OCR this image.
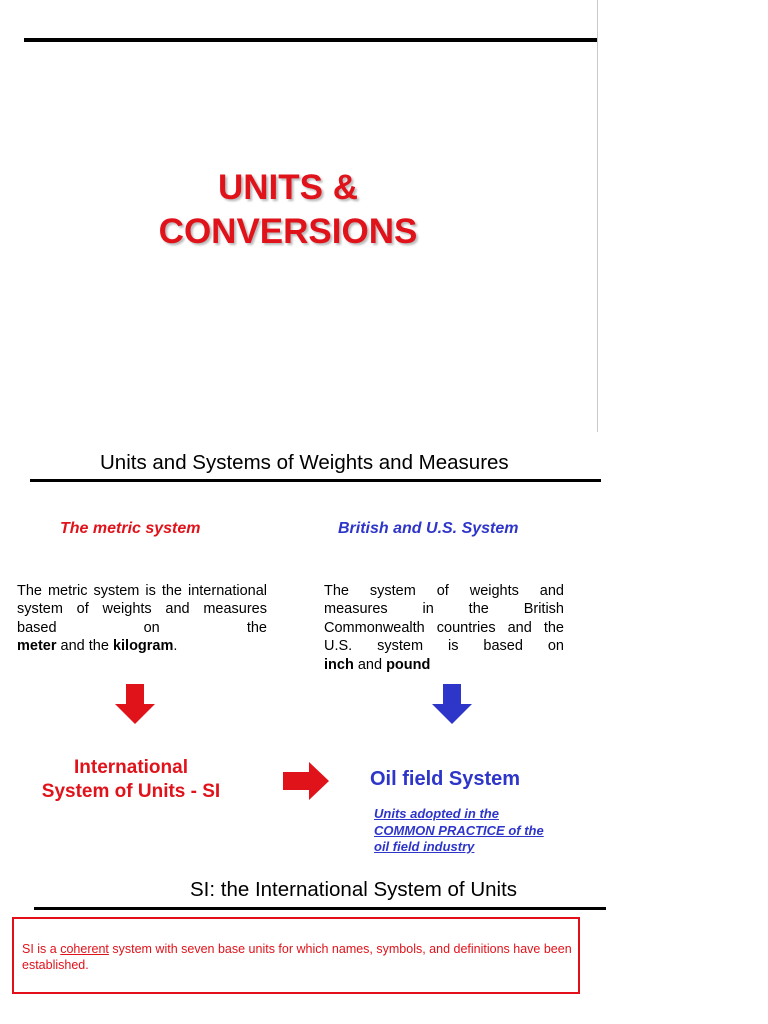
UNITS &
CONVERSIONS
Units and Systems of Weights and Measures
The metric system	British and U.S. System
The metric system is the international system of weights and measures based on the
meter and the kilogram.
The system of weights and measures in the British Commonwealth countries and the U.S. system is based on
inch and pound
International
System of Units - SI
Oil field System
Units adopted in the
COMMON PRACTICE of the
oil field industry
SI: the International System of Units
SI is a coherent system with seven base units for which names, symbols, and definitions have been established.
